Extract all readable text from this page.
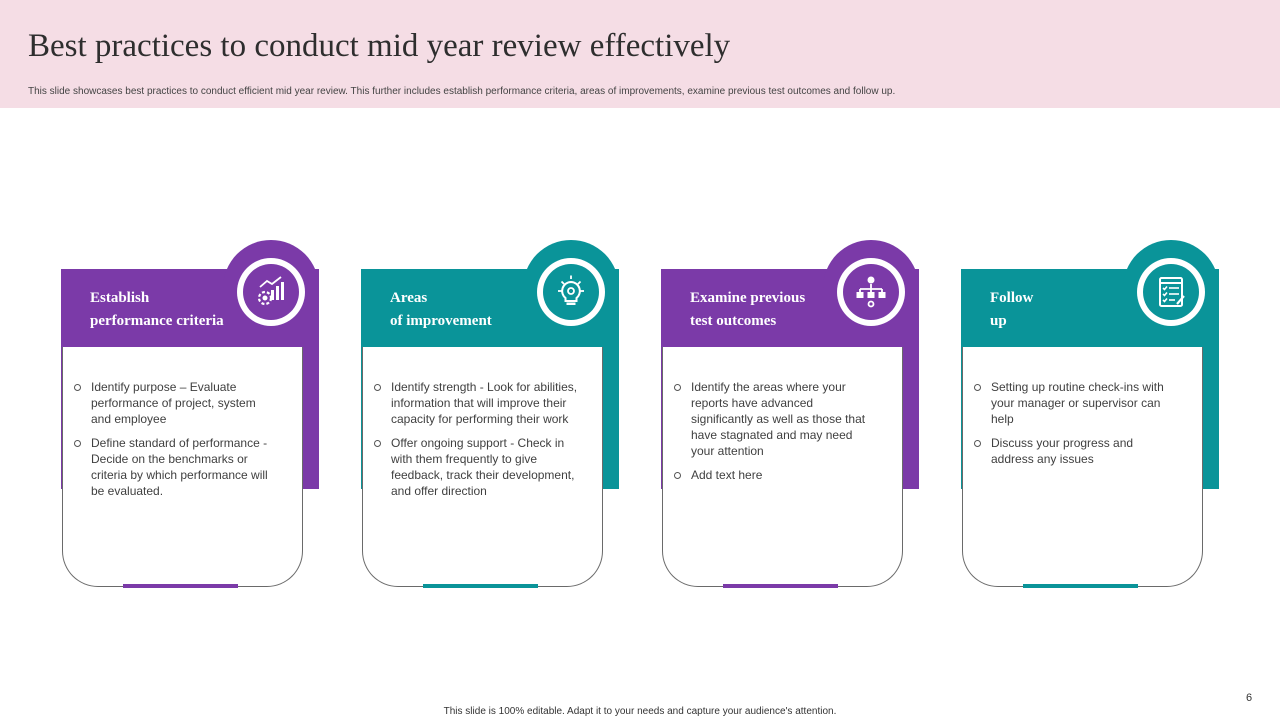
Best practices to conduct mid year review effectively
This slide showcases best practices to conduct efficient mid year review. This further includes establish performance criteria, areas of improvements, examine previous test outcomes and follow up.
Establish
performance criteria
Identify purpose – Evaluate performance of project, system and employee
Define standard of performance - Decide on the benchmarks or criteria by which performance will be evaluated.
Areas
of improvement
Identify strength - Look for abilities, information that will improve their capacity for performing their work
Offer ongoing support - Check in with them frequently to give feedback, track their development, and offer direction
Examine previous
test outcomes
Identify the areas where your reports have advanced significantly as well as those that have stagnated and may need your attention
Add text here
Follow
up
Setting up routine check-ins with your manager or supervisor can help
Discuss your progress and address any issues
This slide is 100% editable. Adapt it to your needs and capture your audience's attention.
6
